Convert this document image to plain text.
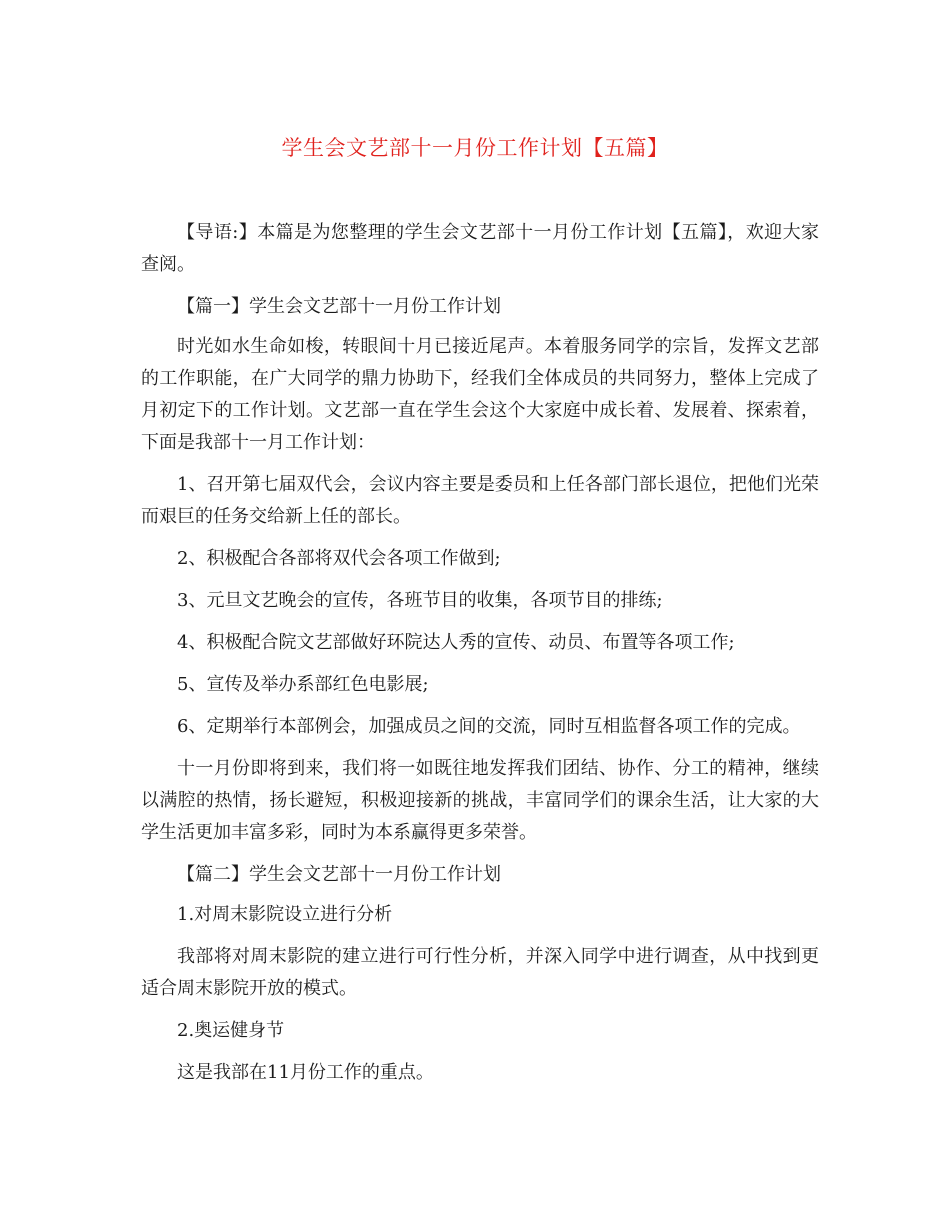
学生会文艺部十一月份工作计划【五篇】

【导语:】本篇是为您整理的学生会文艺部十一月份工作计划【五篇】，欢迎大家查阅。

【篇一】学生会文艺部十一月份工作计划

时光如水生命如梭，转眼间十月已接近尾声。本着服务同学的宗旨，发挥文艺部的工作职能，在广大同学的鼎力协助下，经我们全体成员的共同努力，整体上完成了月初定下的工作计划。文艺部一直在学生会这个大家庭中成长着、发展着、探索着，下面是我部十一月工作计划：

1、召开第七届双代会，会议内容主要是委员和上任各部门部长退位，把他们光荣而艰巨的任务交给新上任的部长。

2、积极配合各部将双代会各项工作做到;

3、元旦文艺晚会的宣传，各班节目的收集，各项节目的排练;

4、积极配合院文艺部做好环院达人秀的宣传、动员、布置等各项工作;

5、宣传及举办系部红色电影展;

6、定期举行本部例会，加强成员之间的交流，同时互相监督各项工作的完成。

十一月份即将到来，我们将一如既往地发挥我们团结、协作、分工的精神，继续以满腔的热情，扬长避短，积极迎接新的挑战，丰富同学们的课余生活，让大家的大学生活更加丰富多彩，同时为本系赢得更多荣誉。

【篇二】学生会文艺部十一月份工作计划

1.对周末影院设立进行分析

我部将对周末影院的建立进行可行性分析，并深入同学中进行调查，从中找到更适合周末影院开放的模式。

2.奥运健身节

这是我部在11月份工作的重点。
